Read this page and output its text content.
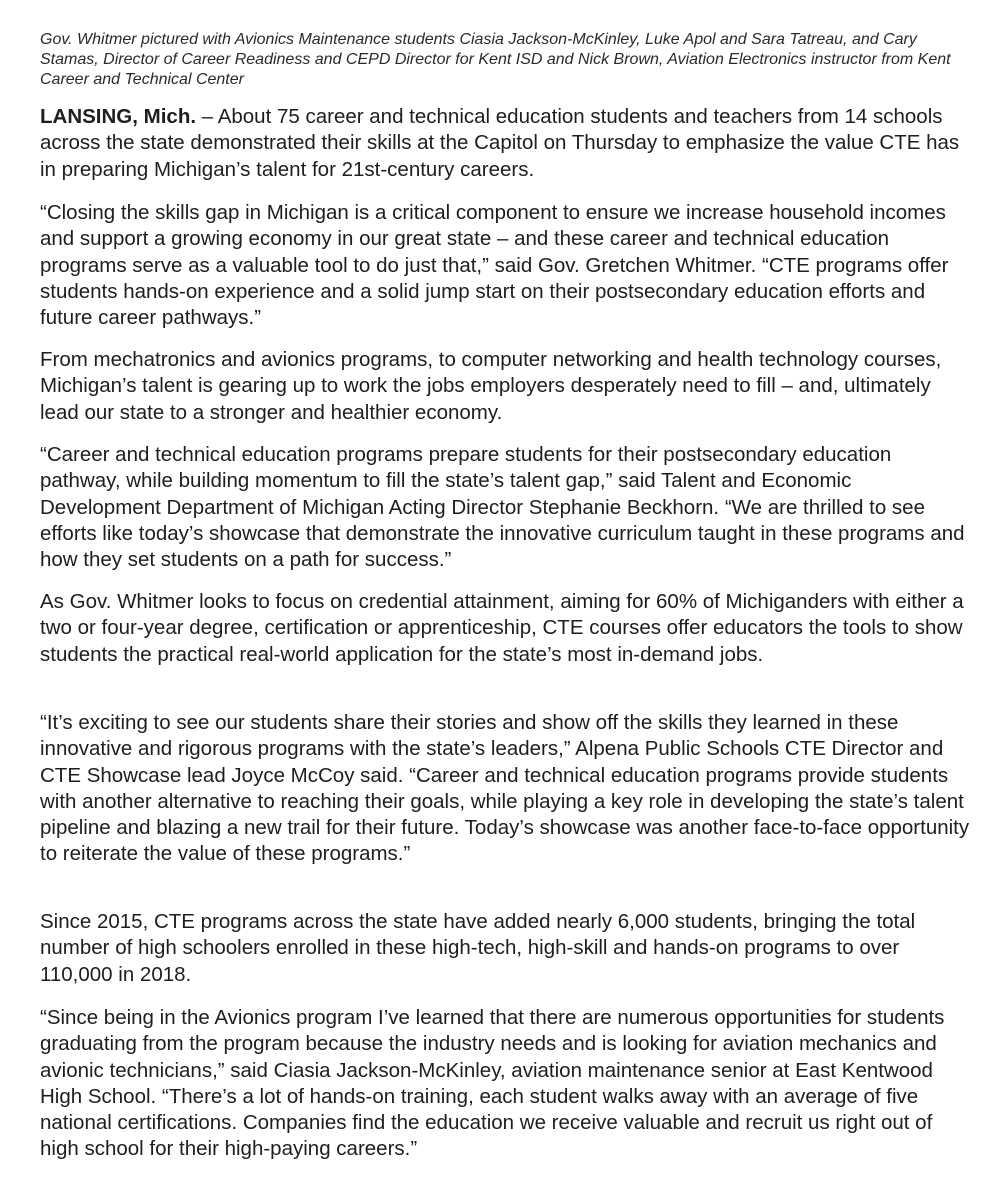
Gov. Whitmer pictured with Avionics Maintenance students Ciasia Jackson-McKinley, Luke Apol and Sara Tatreau, and Cary Stamas, Director of Career Readiness and CEPD Director for Kent ISD and Nick Brown, Aviation Electronics instructor from Kent Career and Technical Center

LANSING, Mich. – About 75 career and technical education students and teachers from 14 schools across the state demonstrated their skills at the Capitol on Thursday to emphasize the value CTE has in preparing Michigan’s talent for 21st-century careers.

“Closing the skills gap in Michigan is a critical component to ensure we increase household incomes and support a growing economy in our great state – and these career and technical education programs serve as a valuable tool to do just that,” said Gov. Gretchen Whitmer. “CTE programs offer students hands-on experience and a solid jump start on their postsecondary education efforts and future career pathways.”

From mechatronics and avionics programs, to computer networking and health technology courses, Michigan’s talent is gearing up to work the jobs employers desperately need to fill – and, ultimately lead our state to a stronger and healthier economy.

“Career and technical education programs prepare students for their postsecondary education pathway, while building momentum to fill the state’s talent gap,” said Talent and Economic Development Department of Michigan Acting Director Stephanie Beckhorn. “We are thrilled to see efforts like today’s showcase that demonstrate the innovative curriculum taught in these programs and how they set students on a path for success.”

As Gov. Whitmer looks to focus on credential attainment, aiming for 60% of Michiganders with either a two or four-year degree, certification or apprenticeship, CTE courses offer educators the tools to show students the practical real-world application for the state’s most in-demand jobs.

“It’s exciting to see our students share their stories and show off the skills they learned in these innovative and rigorous programs with the state’s leaders,” Alpena Public Schools CTE Director and CTE Showcase lead Joyce McCoy said. “Career and technical education programs provide students with another alternative to reaching their goals, while playing a key role in developing the state’s talent pipeline and blazing a new trail for their future. Today’s showcase was another face-to-face opportunity to reiterate the value of these programs.”

Since 2015, CTE programs across the state have added nearly 6,000 students, bringing the total number of high schoolers enrolled in these high-tech, high-skill and hands-on programs to over 110,000 in 2018.

“Since being in the Avionics program I’ve learned that there are numerous opportunities for students graduating from the program because the industry needs and is looking for aviation mechanics and avionic technicians,” said Ciasia Jackson-McKinley, aviation maintenance senior at East Kentwood High School. “There’s a lot of hands-on training, each student walks away with an average of five national certifications. Companies find the education we receive valuable and recruit us right out of high school for their high-paying careers.”
